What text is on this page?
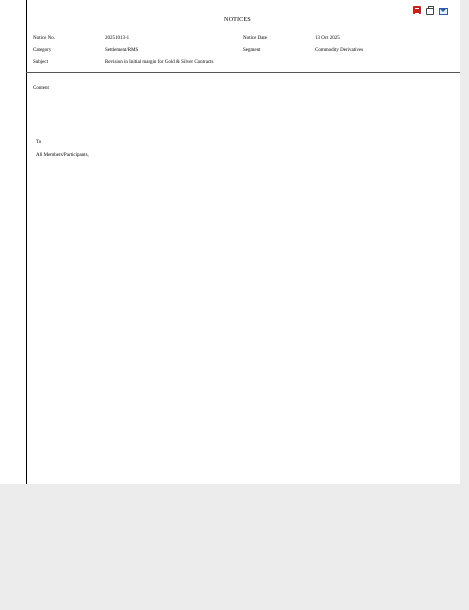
NOTICES
Notice No.	20251013-1	Notice Date	13 Oct 2025
Category	Settlement/RMS	Segment	Commodity Derivatives
Subject	Revision in Initial margin for Gold & Silver Contracts
Content
To
All Members/Participants,
